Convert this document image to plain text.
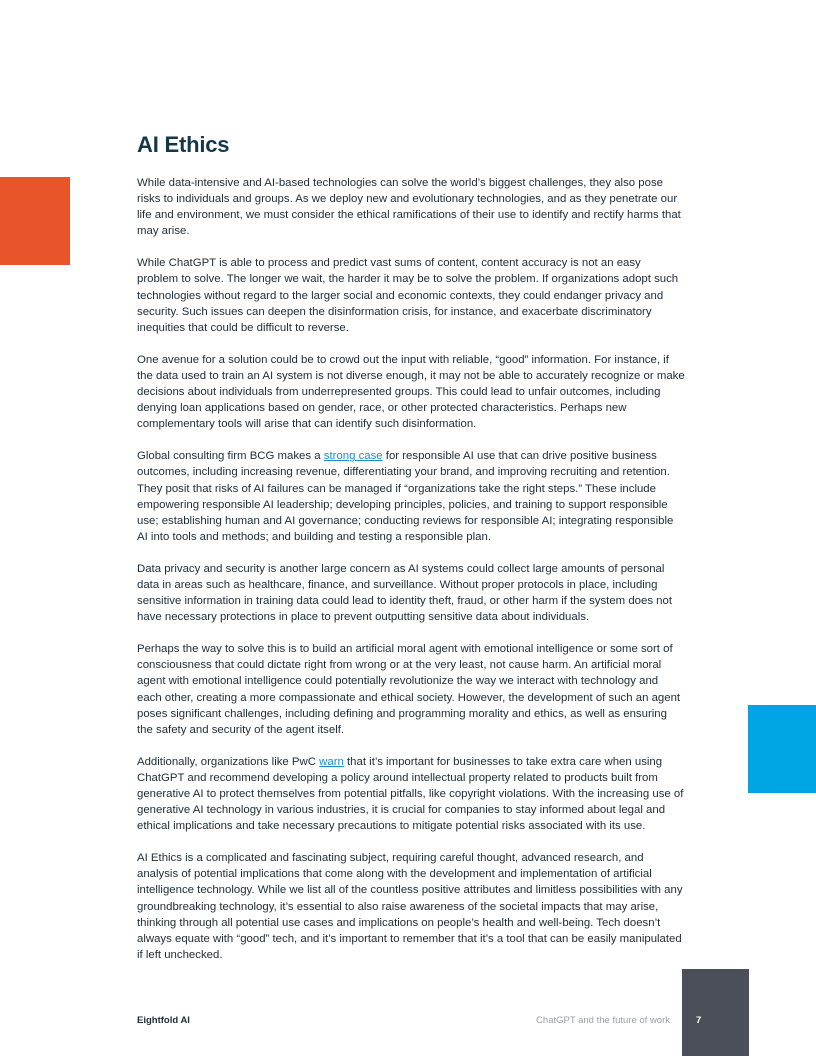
AI Ethics

While data-intensive and AI-based technologies can solve the world’s biggest challenges, they also pose risks to individuals and groups. As we deploy new and evolutionary technologies, and as they penetrate our life and environment, we must consider the ethical ramifications of their use to identify and rectify harms that may arise.

While ChatGPT is able to process and predict vast sums of content, content accuracy is not an easy problem to solve. The longer we wait, the harder it may be to solve the problem. If organizations adopt such technologies without regard to the larger social and economic contexts, they could endanger privacy and security. Such issues can deepen the disinformation crisis, for instance, and exacerbate discriminatory inequities that could be difficult to reverse.

One avenue for a solution could be to crowd out the input with reliable, “good” information. For instance, if the data used to train an AI system is not diverse enough, it may not be able to accurately recognize or make decisions about individuals from underrepresented groups. This could lead to unfair outcomes, including denying loan applications based on gender, race, or other protected characteristics. Perhaps new complementary tools will arise that can identify such disinformation.

Global consulting firm BCG makes a strong case for responsible AI use that can drive positive business outcomes, including increasing revenue, differentiating your brand, and improving recruiting and retention. They posit that risks of AI failures can be managed if “organizations take the right steps.” These include empowering responsible AI leadership; developing principles, policies, and training to support responsible use; establishing human and AI governance; conducting reviews for responsible AI; integrating responsible AI into tools and methods; and building and testing a responsible plan.

Data privacy and security is another large concern as AI systems could collect large amounts of personal data in areas such as healthcare, finance, and surveillance. Without proper protocols in place, including sensitive information in training data could lead to identity theft, fraud, or other harm if the system does not have necessary protections in place to prevent outputting sensitive data about individuals.

Perhaps the way to solve this is to build an artificial moral agent with emotional intelligence or some sort of consciousness that could dictate right from wrong or at the very least, not cause harm. An artificial moral agent with emotional intelligence could potentially revolutionize the way we interact with technology and each other, creating a more compassionate and ethical society. However, the development of such an agent poses significant challenges, including defining and programming morality and ethics, as well as ensuring the safety and security of the agent itself.

Additionally, organizations like PwC warn that it’s important for businesses to take extra care when using ChatGPT and recommend developing a policy around intellectual property related to products built from generative AI to protect themselves from potential pitfalls, like copyright violations. With the increasing use of generative AI technology in various industries, it is crucial for companies to stay informed about legal and ethical implications and take necessary precautions to mitigate potential risks associated with its use.

AI Ethics is a complicated and fascinating subject, requiring careful thought, advanced research, and analysis of potential implications that come along with the development and implementation of artificial intelligence technology. While we list all of the countless positive attributes and limitless possibilities with any groundbreaking technology, it’s essential to also raise awareness of the societal impacts that may arise, thinking through all potential use cases and implications on people’s health and well-being. Tech doesn’t always equate with “good” tech, and it’s important to remember that it’s a tool that can be easily manipulated if left unchecked.

Eightfold AI	ChatGPT and the future of work	7
